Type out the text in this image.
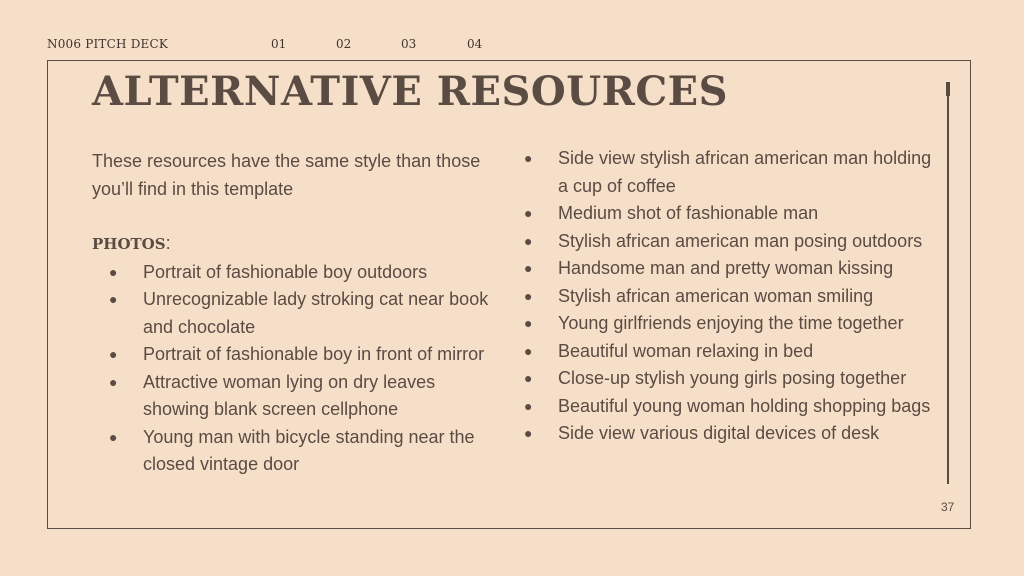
N006 PITCH DECK	01	02	03	04
ALTERNATIVE RESOURCES

These resources have the same style than those you’ll find in this template

PHOTOS:

● Portrait of fashionable boy outdoors
● Unrecognizable lady stroking cat near book and chocolate
● Portrait of fashionable boy in front of mirror
● Attractive woman lying on dry leaves showing blank screen cellphone
● Young man with bicycle standing near the closed vintage door
● Side view stylish african american man holding a cup of coffee
● Medium shot of fashionable man
● Stylish african american man posing outdoors
● Handsome man and pretty woman kissing
● Stylish african american woman smiling
● Young girlfriends enjoying the time together
● Beautiful woman relaxing in bed
● Close-up stylish young girls posing together
● Beautiful young woman holding shopping bags
● Side view various digital devices of desk
37
